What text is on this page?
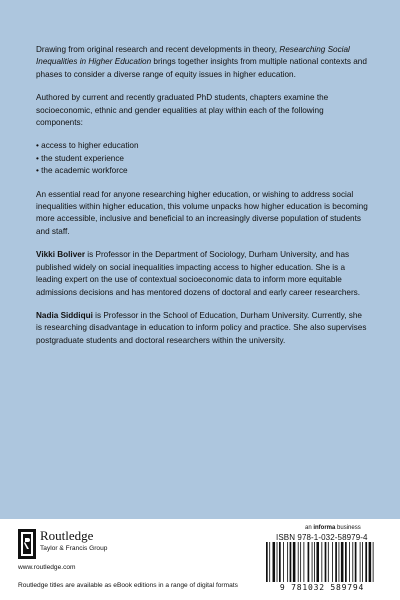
Drawing from original research and recent developments in theory, Researching Social Inequalities in Higher Education brings together insights from multiple national contexts and phases to consider a diverse range of equity issues in higher education.

Authored by current and recently graduated PhD students, chapters examine the socioeconomic, ethnic and gender equalities at play within each of the following components:

• access to higher education
• the student experience
• the academic workforce

An essential read for anyone researching higher education, or wishing to address social inequalities within higher education, this volume unpacks how higher education is becoming more accessible, inclusive and beneficial to an increasingly diverse population of students and staff.

Vikki Boliver is Professor in the Department of Sociology, Durham University, and has published widely on social inequalities impacting access to higher education. She is a leading expert on the use of contextual socioeconomic data to inform more equitable admissions decisions and has mentored dozens of doctoral and early career researchers.

Nadia Siddiqui is Professor in the School of Education, Durham University. Currently, she is researching disadvantage in education to inform policy and practice. She also supervises postgraduate students and doctoral researchers within the university.

Routledge
Taylor & Francis Group
www.routledge.com
Routledge titles are available as eBook editions in a range of digital formats
an informa business
ISBN 978-1-032-58979-4
9 781032 589794
